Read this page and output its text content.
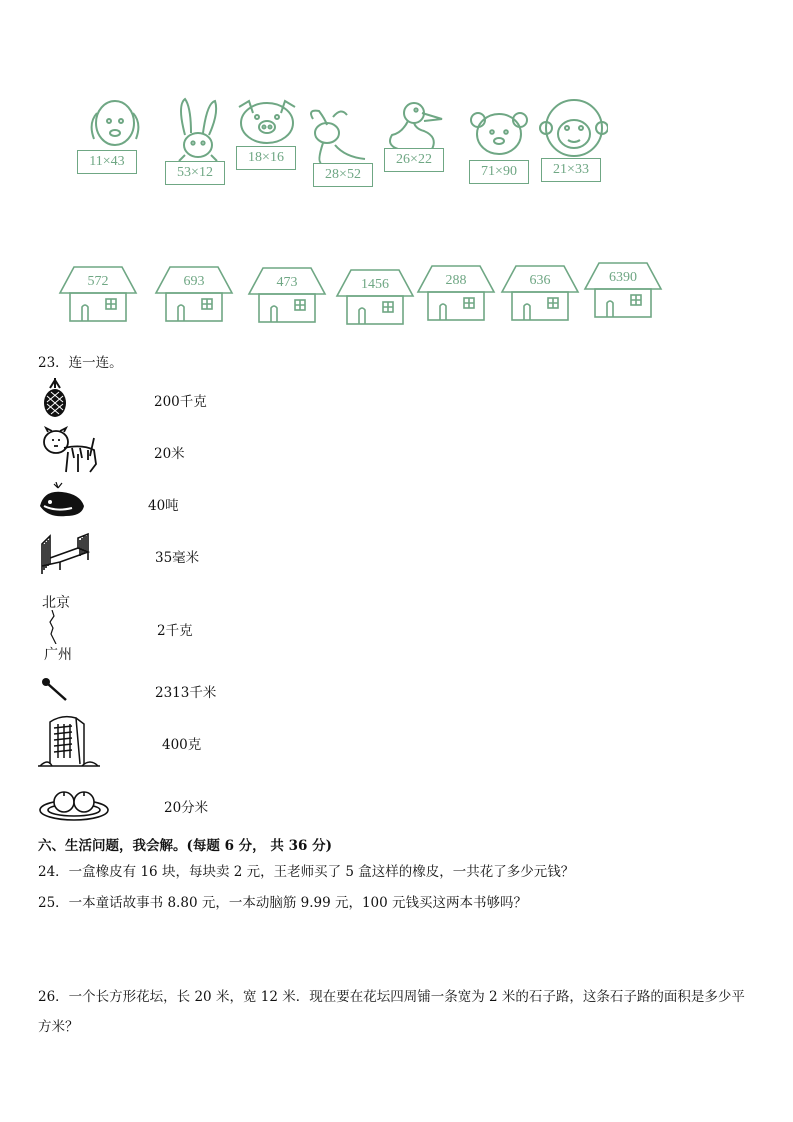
11×43
53×12
18×16
28×52
26×22
71×90	21×33
572	693	473	1456	288	636	6390
23．连一连。
200千克
20米
40吨
35毫米
北京
广州
2千克
2313千米
400克
20分米
六、生活问题，我会解。(每题 6 分， 共 36 分)
24．一盒橡皮有 16 块，每块卖 2 元，王老师买了 5 盒这样的橡皮，一共花了多少元钱？
25．一本童话故事书 8.80 元，一本动脑筋 9.99 元，100 元钱买这两本书够吗？
26．一个长方形花坛，长 20 米，宽 12 米．现在要在花坛四周铺一条宽为 2 米的石子路，这条石子路的面积是多少平
方米？
